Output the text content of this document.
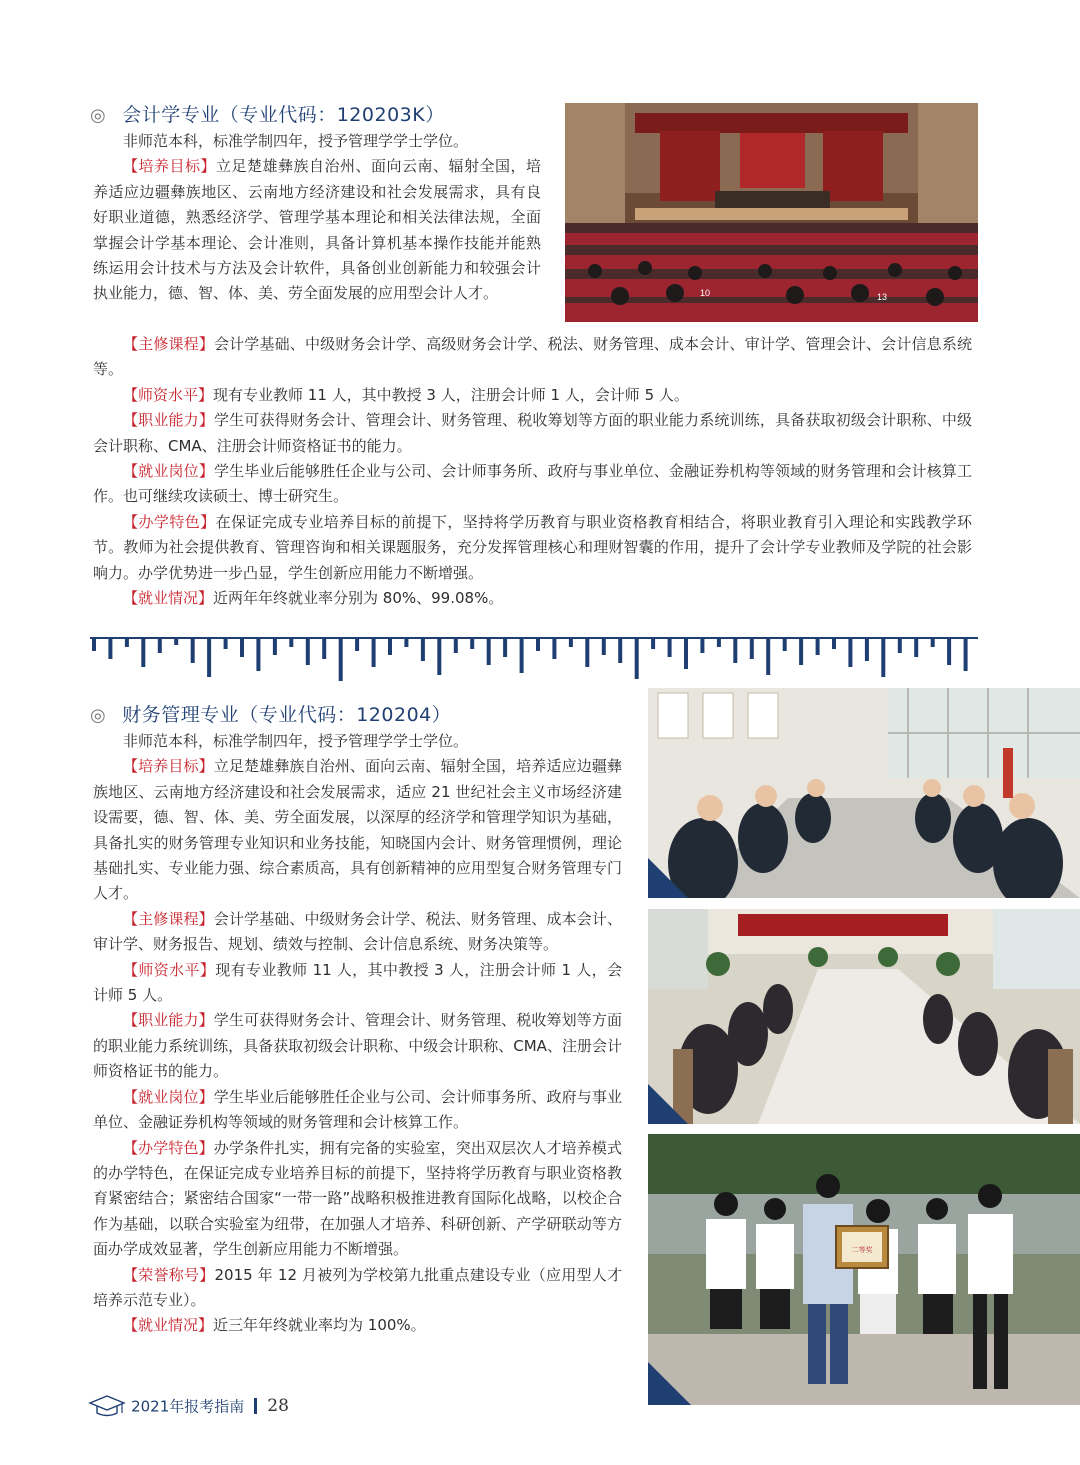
◎ 会计学专业（专业代码：120203K）

非师范本科，标准学制四年，授予管理学学士学位。

【培养目标】立足楚雄彝族自治州、面向云南、辐射全国，培养适应边疆彝族地区、云南地方经济建设和社会发展需求，具有良好职业道德，熟悉经济学、管理学基本理论和相关法律法规，全面掌握会计学基本理论、会计准则，具备计算机基本操作技能并能熟练运用会计技术与方法及会计软件，具备创业创新能力和较强会计执业能力，德、智、体、美、劳全面发展的应用型会计人才。

【主修课程】会计学基础、中级财务会计学、高级财务会计学、税法、财务管理、成本会计、审计学、管理会计、会计信息系统等。

【师资水平】现有专业教师 11 人，其中教授 3 人，注册会计师 1 人，会计师 5 人。

【职业能力】学生可获得财务会计、管理会计、财务管理、税收筹划等方面的职业能力系统训练，具备获取初级会计职称、中级会计职称、CMA、注册会计师资格证书的能力。

【就业岗位】学生毕业后能够胜任企业与公司、会计师事务所、政府与事业单位、金融证券机构等领域的财务管理和会计核算工作。也可继续攻读硕士、博士研究生。

【办学特色】在保证完成专业培养目标的前提下，坚持将学历教育与职业资格教育相结合，将职业教育引入理论和实践教学环节。教师为社会提供教育、管理咨询和相关课题服务，充分发挥管理核心和理财智囊的作用，提升了会计学专业教师及学院的社会影响力。办学优势进一步凸显，学生创新应用能力不断增强。

【就业情况】近两年年终就业率分别为 80%、99.08%。

10	13
◎ 财务管理专业（专业代码：120204）

非师范本科，标准学制四年，授予管理学学士学位。

【培养目标】立足楚雄彝族自治州、面向云南、辐射全国，培养适应边疆彝族地区、云南地方经济建设和社会发展需求，适应 21 世纪社会主义市场经济建设需要，德、智、体、美、劳全面发展，以深厚的经济学和管理学知识为基础，具备扎实的财务管理专业知识和业务技能，知晓国内会计、财务管理惯例，理论基础扎实、专业能力强、综合素质高，具有创新精神的应用型复合财务管理专门人才。

【主修课程】会计学基础、中级财务会计学、税法、财务管理、成本会计、审计学、财务报告、规划、绩效与控制、会计信息系统、财务决策等。

【师资水平】现有专业教师 11 人，其中教授 3 人，注册会计师 1 人，会计师 5 人。

【职业能力】学生可获得财务会计、管理会计、财务管理、税收筹划等方面的职业能力系统训练，具备获取初级会计职称、中级会计职称、CMA、注册会计师资格证书的能力。

【就业岗位】学生毕业后能够胜任企业与公司、会计师事务所、政府与事业单位、金融证券机构等领域的财务管理和会计核算工作。

【办学特色】办学条件扎实，拥有完备的实验室，突出双层次人才培养模式的办学特色，在保证完成专业培养目标的前提下，坚持将学历教育与职业资格教育紧密结合；紧密结合国家“一带一路”战略积极推进教育国际化战略，以校企合作为基础，以联合实验室为纽带，在加强人才培养、科研创新、产学研联动等方面办学成效显著，学生创新应用能力不断增强。

【荣誉称号】2015 年 12 月被列为学校第九批重点建设专业（应用型人才培养示范专业）。

【就业情况】近三年年终就业率均为 100%。

二等奖
2021年报考指南 28
